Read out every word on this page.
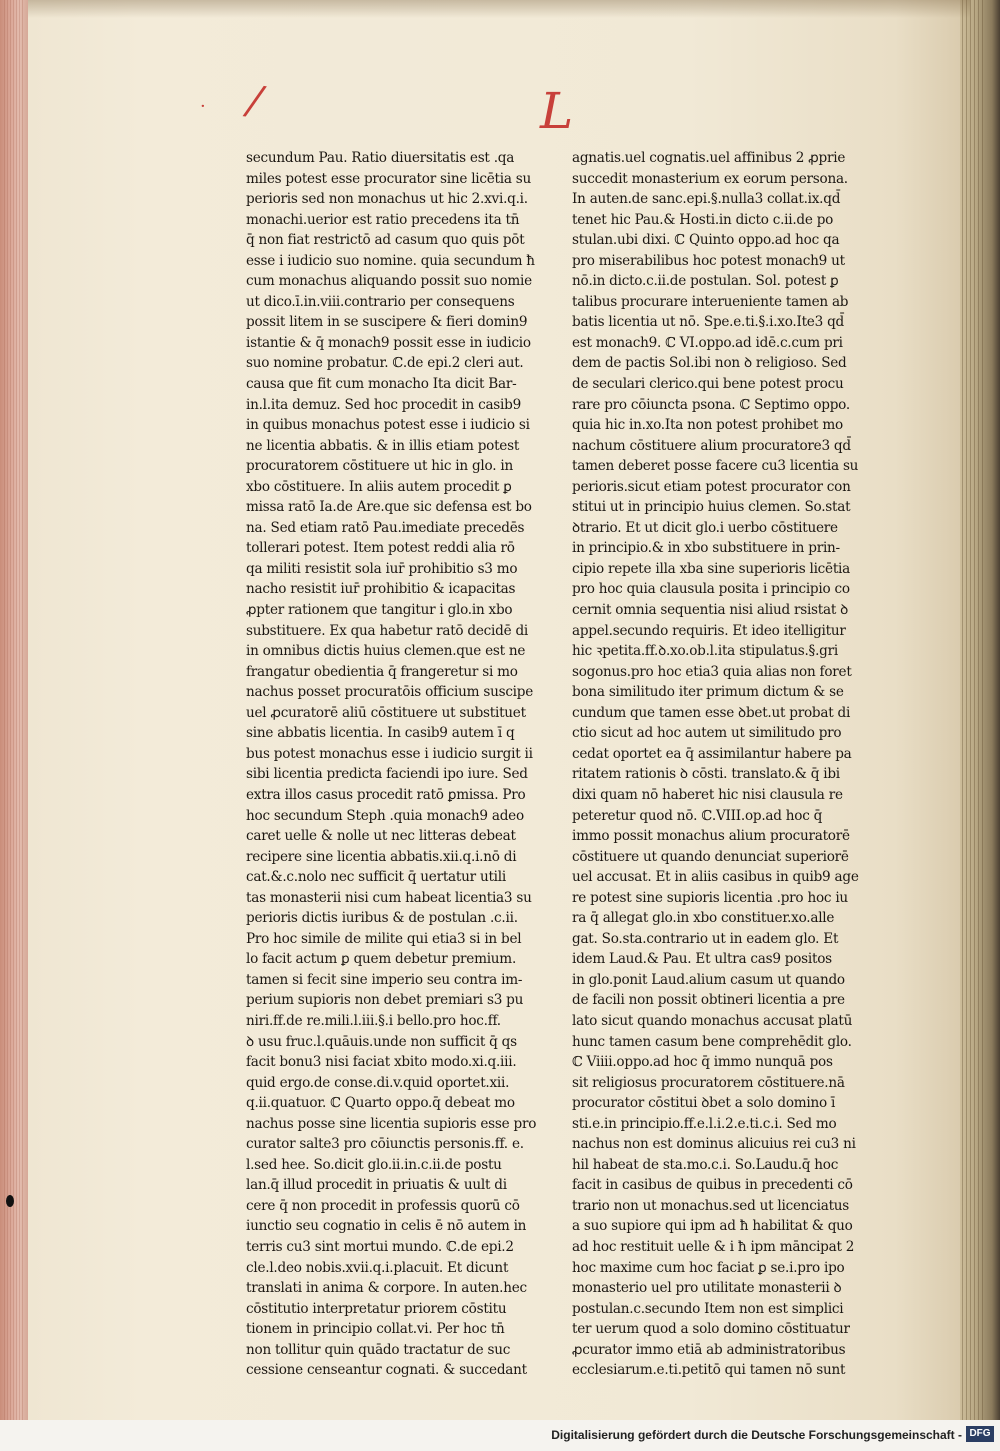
· /	L
secundum Pau. Ratio diuersitatis est .qa
miles potest esse procurator sine licētia su
perioris sed non monachus ut hic 2.xvi.q.i.
monachi.uerior est ratio precedens ita tn̄
q̄ non fiat restrictō ad casum quo quis pōt
esse i iudicio suo nomine. quia secundum ħ
cum monachus aliquando possit suo nomie
ut dico.ī.in.viii.contrario per consequens
possit litem in se suscipere & fieri domin9
istantie & q̄ monach9 possit esse in iudicio
suo nomine probatur. ℂ.de epi.2 cleri aut.
causa que fit cum monacho Ita dicit Bar-
in.l.ita demuz. Sed hoc procedit in casib9
in quibus monachus potest esse i iudicio si
ne licentia abbatis. & in illis etiam potest
procuratorem cōstituere ut hic in glo. in
xbo cōstituere. In aliis autem procedit ꝑ
missa ratō Ia.de Are.que sic defensa est bo
na. Sed etiam ratō Pau.imediate precedēs
tollerari potest. Item potest reddi alia rō
qa militi resistit sola iur̄ prohibitio s3 mo
nacho resistit iur̄ prohibitio & icapacitas
ꝓpter rationem que tangitur i glo.in xbo
substituere. Ex qua habetur ratō decidē di
in omnibus dictis huius clemen.que est ne
frangatur obedientia q̄ frangeretur si mo
nachus posset procuratōis officium suscipe
uel ꝓcuratorē aliū cōstituere ut substituet
sine abbatis licentia. In casib9 autem ī q
bus potest monachus esse i iudicio surgit ii
sibi licentia predicta faciendi ipo iure. Sed
extra illos casus procedit ratō ꝑmissa. Pro
hoc secundum Steph .quia monach9 adeo
caret uelle & nolle ut nec litteras debeat
recipere sine licentia abbatis.xii.q.i.nō di
cat.&.c.nolo nec sufficit q̄ uertatur utili
tas monasterii nisi cum habeat licentia3 su
perioris dictis iuribus & de postulan .c.ii.
Pro hoc simile de milite qui etia3 si in bel
lo facit actum ꝑ quem debetur premium.
tamen si fecit sine imperio seu contra im-
perium supioris non debet premiari s3 pu
niri.ff.de re.mili.l.iii.§.i bello.pro hoc.ff.
ꝺ usu fruc.l.quāuis.unde non sufficit q̄ qs
facit bonu3 nisi faciat xbito modo.xi.q.iii.
quid ergo.de conse.di.v.quid oportet.xii.
q.ii.quatuor. ℂ Quarto oppo.q̄ debeat mo
nachus posse sine licentia supioris esse pro
curator salte3 pro cōiunctis personis.ff. e.
l.sed hee. So.dicit glo.ii.in.c.ii.de postu
lan.q̄ illud procedit in priuatis & uult di
cere q̄ non procedit in professis quorū cō
iunctio seu cognatio in celis ē nō autem in
terris cu3 sint mortui mundo. ℂ.de epi.2
cle.l.deo nobis.xvii.q.i.placuit. Et dicunt
translati in anima & corpore. In auten.hec
cōstitutio interpretatur priorem cōstitu
tionem in principio collat.vi. Per hoc tn̄
non tollitur quin quādo tractatur de suc
cessione censeantur cognati. & succedant
agnatis.uel cognatis.uel affinibus 2 ꝓprie
succedit monasterium ex eorum persona.
In auten.de sanc.epi.§.nulla3 collat.ix.qd̄
tenet hic Pau.& Hosti.in dicto c.ii.de po
stulan.ubi dixi. ℂ Quinto oppo.ad hoc qa
pro miserabilibus hoc potest monach9 ut
nō.in dicto.c.ii.de postulan. Sol. potest ꝑ
talibus procurare interueniente tamen ab
batis licentia ut nō. Spe.e.ti.§.i.xo.Ite3 qd̄
est monach9. ℂ VI.oppo.ad idē.c.cum pri
dem de pactis Sol.ibi non ꝺ religioso. Sed
de seculari clerico.qui bene potest procu
rare pro cōiuncta psona. ℂ Septimo oppo.
quia hic in.xo.Ita non potest prohibet mo
nachum cōstituere alium procuratore3 qd̄
tamen deberet posse facere cu3 licentia su
perioris.sicut etiam potest procurator con
stitui ut in principio huius clemen. So.stat
ꝺtrario. Et ut dicit glo.i uerbo cōstituere
in principio.& in xbo substituere in prin-
cipio repete illa xba sine superioris licētia
pro hoc quia clausula posita i principio co
cernit omnia sequentia nisi aliud rsistat ꝺ
appel.secundo requiris. Et ideo itelligitur
hic ꝛpetita.ff.ꝺ.xo.ob.l.ita stipulatus.§.gri
sogonus.pro hoc etia3 quia alias non foret
bona similitudo iter primum dictum & se
cundum que tamen esse ꝺbet.ut probat di
ctio sicut ad hoc autem ut similitudo pro
cedat oportet ea q̄ assimilantur habere pa
ritatem rationis ꝺ cōsti. translato.& q̄ ibi
dixi quam nō haberet hic nisi clausula re
peteretur quod nō. ℂ.VIII.op.ad hoc q̄
immo possit monachus alium procuratorē
cōstituere ut quando denunciat superiorē
uel accusat. Et in aliis casibus in quib9 age
re potest sine supioris licentia .pro hoc iu
ra q̄ allegat glo.in xbo constituer.xo.alle
gat. So.sta.contrario ut in eadem glo. Et
idem Laud.& Pau. Et ultra cas9 positos
in glo.ponit Laud.alium casum ut quando
de facili non possit obtineri licentia a pre
lato sicut quando monachus accusat platū
hunc tamen casum bene comprehēdit glo.
ℂ Viiii.oppo.ad hoc q̄ immo nunquā pos
sit religiosus procuratorem cōstituere.nā
procurator cōstitui ꝺbet a solo domino ī
sti.e.in principio.ff.e.l.i.2.e.ti.c.i. Sed mo
nachus non est dominus alicuius rei cu3 ni
hil habeat de sta.mo.c.i. So.Laudu.q̄ hoc
facit in casibus de quibus in precedenti cō
trario non ut monachus.sed ut licenciatus
a suo supiore qui ipm ad ħ habilitat & quo
ad hoc restituit uelle & i ħ ipm māncipat 2
hoc maxime cum hoc faciat ꝑ se.i.pro ipo
monasterio uel pro utilitate monasterii ꝺ
postulan.c.secundo Item non est simplici
ter uerum quod a solo domino cōstituatur
ꝓcurator immo etiā ab administratoribus
ecclesiarum.e.ti.petitō qui tamen nō sunt
Digitalisierung gefördert durch die Deutsche Forschungsgemeinschaft - DFG
